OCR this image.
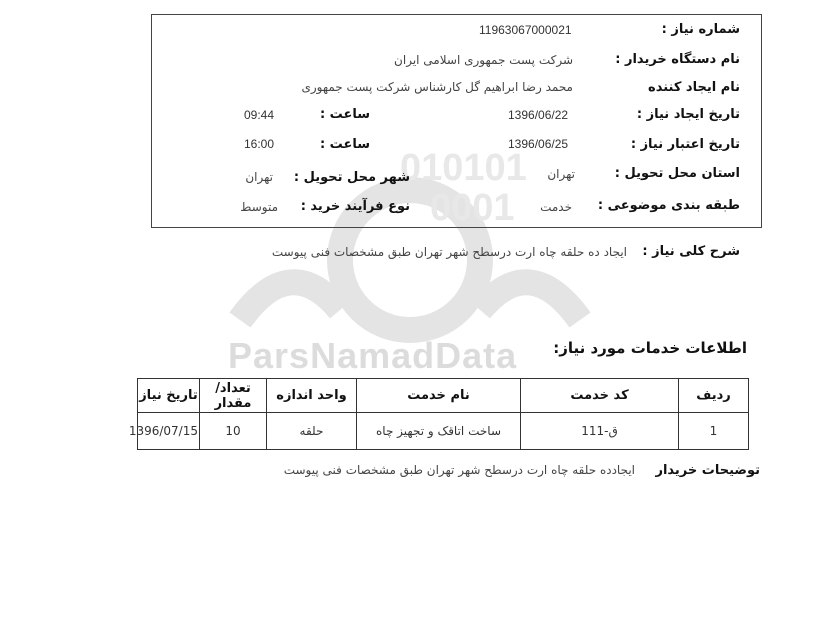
010101
0001
ParsNamadData
شماره نیاز :
11963067000021
نام دستگاه خریدار :
شرکت پست جمهوری اسلامی ایران
نام ایجاد کننده
محمد رضا ابراهیم گل کارشناس شرکت پست جمهوری
تاریخ ایجاد نیاز :
1396/06/22
ساعت :
09:44
تاریخ اعتبار نیاز :
1396/06/25
ساعت :
16:00
استان محل تحویل :
تهران
شهر محل تحویل :
تهران
طبقه بندی موضوعی :
خدمت
نوع فرآیند خرید :
متوسط
شرح کلی نیاز :
ایجاد ده حلقه چاه ارت درسطح شهر تهران طبق مشخصات فنی پیوست
اطلاعات خدمات مورد نیاز:
ردیف	کد خدمت	نام خدمت	واحد اندازه	تعداد/ مقدار	تاریخ نیاز
1	ق-111	ساخت اتاقک و تجهیز چاه	حلقه	10	1396/07/15
توضیحات خریدار
ایجادده حلقه چاه ارت درسطح شهر تهران طبق مشخصات فنی پیوست
